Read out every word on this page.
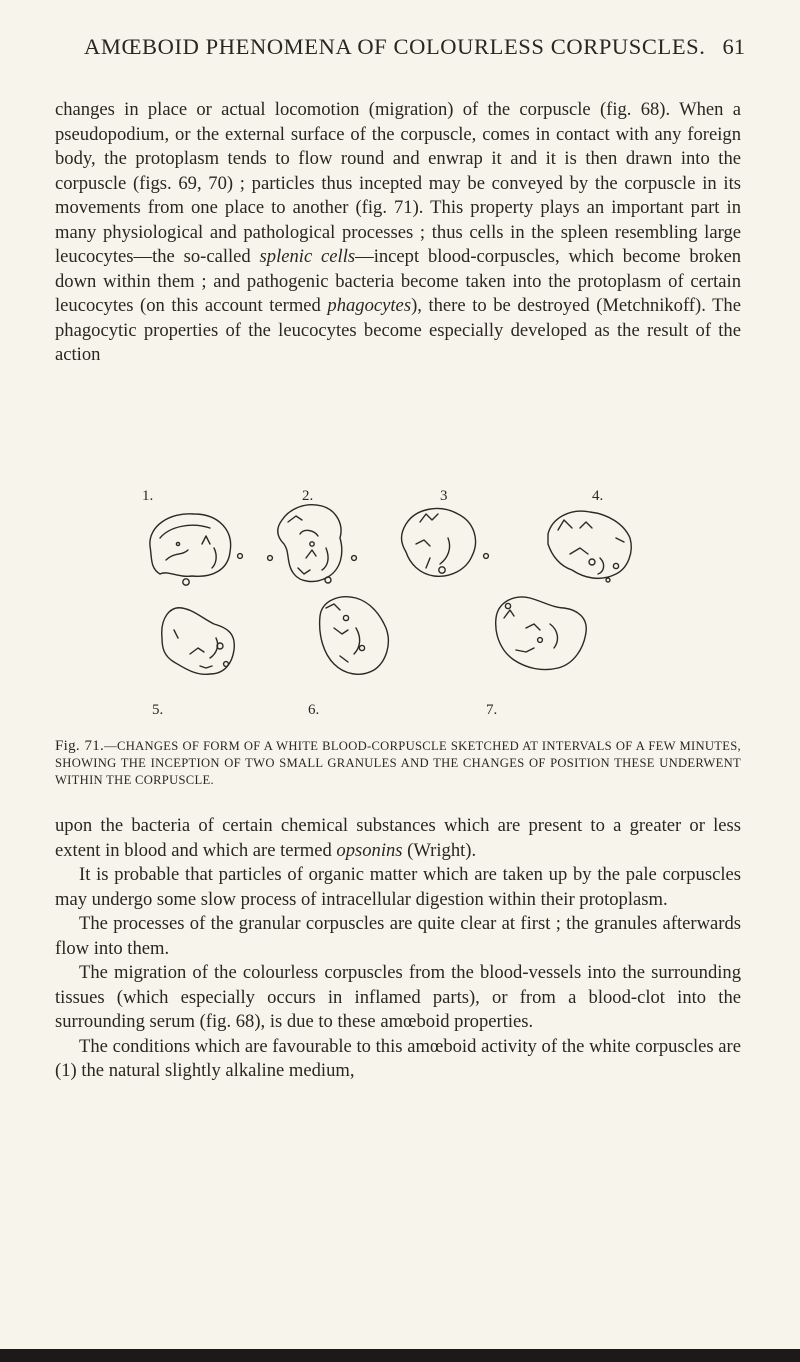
AMŒBOID PHENOMENA OF COLOURLESS CORPUSCLES. 61

changes in place or actual locomotion (migration) of the corpuscle (fig. 68). When a pseudopodium, or the external surface of the corpuscle, comes in contact with any foreign body, the protoplasm tends to flow round and enwrap it and it is then drawn into the corpuscle (figs. 69, 70) ; particles thus incepted may be conveyed by the corpuscle in its movements from one place to another (fig. 71). This property plays an important part in many physiological and pathological processes ; thus cells in the spleen resembling large leucocytes—the so-called splenic cells—incept blood-corpuscles, which become broken down within them ; and pathogenic bacteria become taken into the protoplasm of certain leucocytes (on this account termed phagocytes), there to be destroyed (Metchnikoff). The phagocytic properties of the leucocytes become especially developed as the result of the action

1.	2.	3	4.
5.	6.	7.
Fig. 71.—CHANGES OF FORM OF A WHITE BLOOD-CORPUSCLE SKETCHED AT INTERVALS OF A FEW MINUTES, SHOWING THE INCEPTION OF TWO SMALL GRANULES AND THE CHANGES OF POSITION THESE UNDERWENT WITHIN THE CORPUSCLE.

upon the bacteria of certain chemical substances which are present to a greater or less extent in blood and which are termed opsonins (Wright).

It is probable that particles of organic matter which are taken up by the pale corpuscles may undergo some slow process of intracellular digestion within their protoplasm.

The processes of the granular corpuscles are quite clear at first ; the granules afterwards flow into them.

The migration of the colourless corpuscles from the blood-vessels into the surrounding tissues (which especially occurs in inflamed parts), or from a blood-clot into the surrounding serum (fig. 68), is due to these amœboid properties.

The conditions which are favourable to this amœboid activity of the white corpuscles are (1) the natural slightly alkaline medium,
